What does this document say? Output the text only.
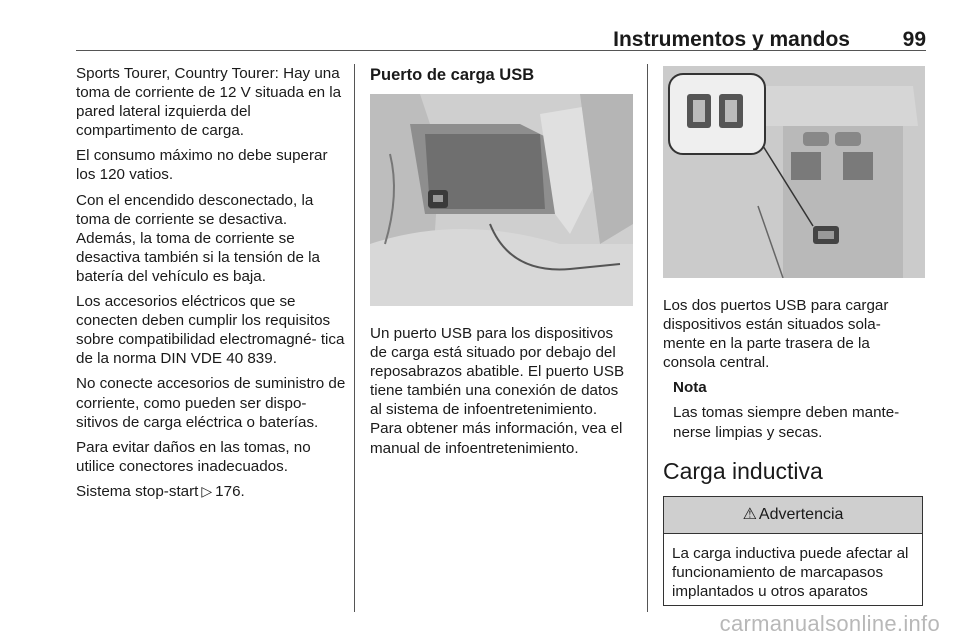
Instrumentos y mandos	99

Sports Tourer, Country Tourer: Hay una toma de corriente de 12 V situada en la pared lateral izquierda del compartimento de carga.

El consumo máximo no debe superar los 120 vatios.

Con el encendido desconectado, la toma de corriente se desactiva. Además, la toma de corriente se desactiva también si la tensión de la batería del vehículo es baja.

Los accesorios eléctricos que se conecten deben cumplir los requisitos sobre compatibilidad electromagné‐ tica de la norma DIN VDE 40 839.

No conecte accesorios de suministro de corriente, como pueden ser dispo‐ sitivos de carga eléctrica o baterías.

Para evitar daños en las tomas, no utilice conectores inadecuados.

Sistema stop-start ▷ 176.

Puerto de carga USB

Un puerto USB para los dispositivos de carga está situado por debajo del reposabrazos abatible. El puerto USB tiene también una conexión de datos al sistema de infoentretenimiento. Para obtener más información, vea el manual de infoentretenimiento.

Los dos puertos USB para cargar dispositivos están situados sola‐ mente en la parte trasera de la consola central.

Nota

Las tomas siempre deben mante‐ nerse limpias y secas.

Carga inductiva
⚠ Advertencia
La carga inductiva puede afectar al funcionamiento de marcapasos implantados u otros aparatos
carmanualsonline.info
